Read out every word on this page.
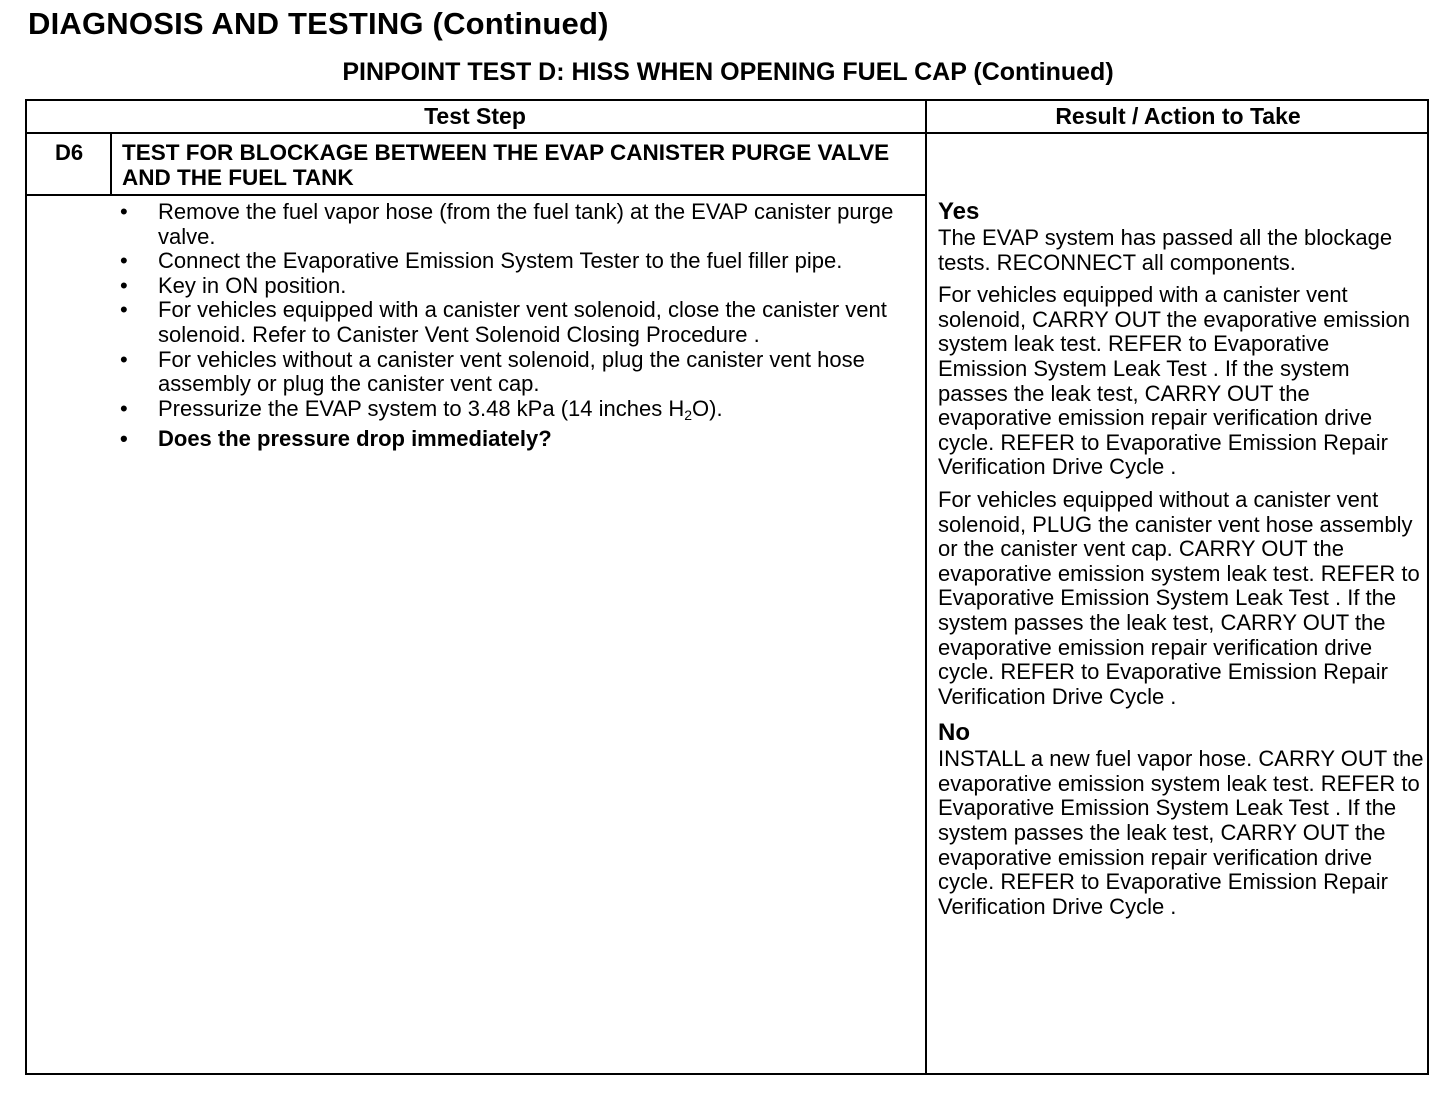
DIAGNOSIS AND TESTING (Continued)
PINPOINT TEST D: HISS WHEN OPENING FUEL CAP (Continued)
Test Step	Result / Action to Take
D6	TEST FOR BLOCKAGE BETWEEN THE EVAP CANISTER PURGE VALVE AND THE FUEL TANK
• Remove the fuel vapor hose (from the fuel tank) at the EVAP canister purge valve.
• Connect the Evaporative Emission System Tester to the fuel filler pipe.
• Key in ON position.
• For vehicles equipped with a canister vent solenoid, close the canister vent solenoid. Refer to Canister Vent Solenoid Closing Procedure .
• For vehicles without a canister vent solenoid, plug the canister vent hose assembly or plug the canister vent cap.
• Pressurize the EVAP system to 3.48 kPa (14 inches $H_2O$).
• Does the pressure drop immediately?
Yes

The EVAP system has passed all the blockage tests. RECONNECT all components.

For vehicles equipped with a canister vent solenoid, CARRY OUT the evaporative emission system leak test. REFER to Evaporative Emission System Leak Test . If the system passes the leak test, CARRY OUT the evaporative emission repair verification drive cycle. REFER to Evaporative Emission Repair Verification Drive Cycle .

For vehicles equipped without a canister vent solenoid, PLUG the canister vent hose assembly or the canister vent cap. CARRY OUT the evaporative emission system leak test. REFER to Evaporative Emission System Leak Test . If the system passes the leak test, CARRY OUT the evaporative emission repair verification drive cycle. REFER to Evaporative Emission Repair Verification Drive Cycle .

No

INSTALL a new fuel vapor hose. CARRY OUT the evaporative emission system leak test. REFER to Evaporative Emission System Leak Test . If the system passes the leak test, CARRY OUT the evaporative emission repair verification drive cycle. REFER to Evaporative Emission Repair Verification Drive Cycle .
